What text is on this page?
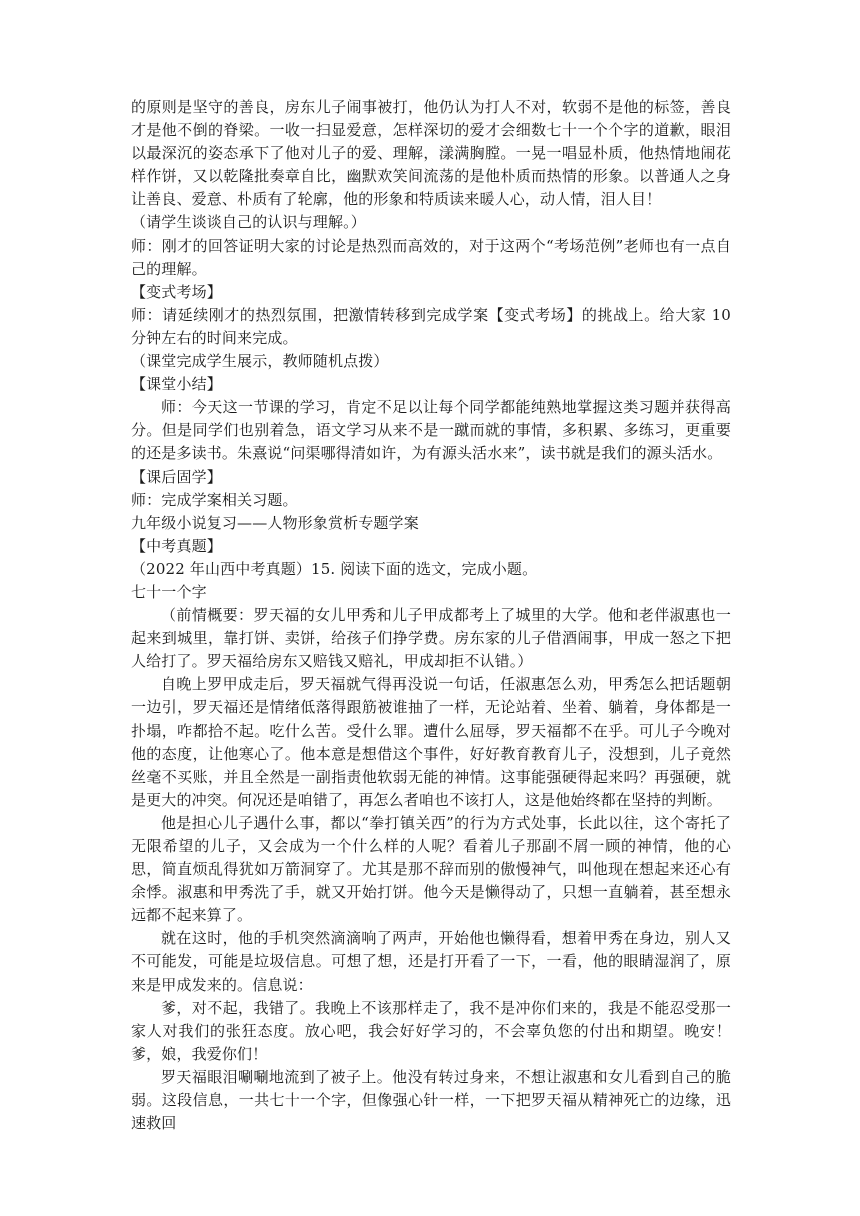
的原则是坚守的善良，房东儿子闹事被打，他仍认为打人不对，软弱不是他的标签，善良才是他不倒的脊梁。一收一扫显爱意，怎样深切的爱才会细数七十一个个字的道歉，眼泪以最深沉的姿态承下了他对儿子的爱、理解，漾满胸膛。一晃一唱显朴质，他热情地闹花样作饼，又以乾隆批奏章自比，幽默欢笑间流荡的是他朴质而热情的形象。以普通人之身让善良、爱意、朴质有了轮廓，他的形象和特质读来暖人心，动人情，泪人目！

（请学生谈谈自己的认识与理解。）

师：刚才的回答证明大家的讨论是热烈而高效的，对于这两个“考场范例”老师也有一点自己的理解。

【变式考场】

师：请延续刚才的热烈氛围，把激情转移到完成学案【变式考场】的挑战上。给大家 10 分钟左右的时间来完成。

（课堂完成学生展示，教师随机点拨）

【课堂小结】

师：今天这一节课的学习，肯定不足以让每个同学都能纯熟地掌握这类习题并获得高分。但是同学们也别着急，语文学习从来不是一蹴而就的事情，多积累、多练习，更重要的还是多读书。朱熹说“问渠哪得清如许，为有源头活水来”，读书就是我们的源头活水。

【课后固学】

师：完成学案相关习题。

九年级小说复习——人物形象赏析专题学案

【中考真题】

（2022 年山西中考真题）15. 阅读下面的选文，完成小题。

七十一个字

（前情概要：罗天福的女儿甲秀和儿子甲成都考上了城里的大学。他和老伴淑惠也一起来到城里，靠打饼、卖饼，给孩子们挣学费。房东家的儿子借酒闹事，甲成一怒之下把人给打了。罗天福给房东又赔钱又赔礼，甲成却拒不认错。）

自晚上罗甲成走后，罗天福就气得再没说一句话，任淑惠怎么劝，甲秀怎么把话题朝一边引，罗天福还是情绪低落得跟筋被谁抽了一样，无论站着、坐着、躺着，身体都是一扑塌，咋都拾不起。吃什么苦。受什么罪。遭什么屈辱，罗天福都不在乎。可儿子今晚对他的态度，让他寒心了。他本意是想借这个事件，好好教育教育儿子，没想到，儿子竟然丝毫不买账，并且全然是一副指责他软弱无能的神情。这事能强硬得起来吗？再强硬，就是更大的冲突。何况还是咱错了，再怎么者咱也不该打人，这是他始终都在坚持的判断。

他是担心儿子遇什么事，都以“拳打镇关西”的行为方式处事，长此以往，这个寄托了无限希望的儿子，又会成为一个什么样的人呢？看着儿子那副不屑一顾的神情，他的心思，简直烦乱得犹如万箭洞穿了。尤其是那不辞而别的傲慢神气，叫他现在想起来还心有余悸。淑惠和甲秀洗了手，就又开始打饼。他今天是懒得动了，只想一直躺着，甚至想永远都不起来算了。

就在这时，他的手机突然滴滴响了两声，开始他也懒得看，想着甲秀在身边，别人又不可能发，可能是垃圾信息。可想了想，还是打开看了一下，一看，他的眼睛湿润了，原来是甲成发来的。信息说：

爹，对不起，我错了。我晚上不该那样走了，我不是冲你们来的，我是不能忍受那一家人对我们的张狂态度。放心吧，我会好好学习的，不会辜负您的付出和期望。晚安！爹，娘，我爱你们！

罗天福眼泪唰唰地流到了被子上。他没有转过身来，不想让淑惠和女儿看到自己的脆弱。这段信息，一共七十一个字，但像强心针一样，一下把罗天福从精神死亡的边缘，迅速救回
